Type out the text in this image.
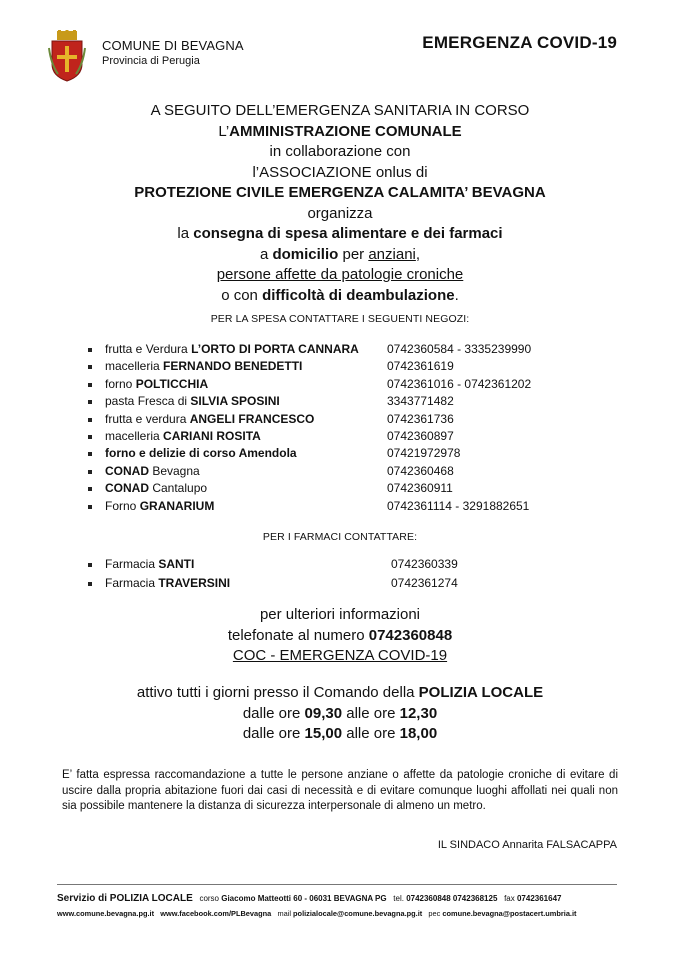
COMUNE DI BEVAGNA
Provincia di Perugia
EMERGENZA COVID-19
A SEGUITO DELL’EMERGENZA SANITARIA IN CORSO
L’AMMINISTRAZIONE COMUNALE
in collaborazione con
l’ASSOCIAZIONE onlus di
PROTEZIONE CIVILE EMERGENZA CALAMITA’ BEVAGNA
organizza
la consegna di spesa alimentare e dei farmaci
a domicilio per anziani,
persone affette da patologie croniche
o con difficoltà di deambulazione.
PER LA SPESA CONTATTARE I SEGUENTI NEGOZI:
frutta e Verdura L’ORTO DI PORTA CANNARA 0742360584 - 3335239990
macelleria FERNANDO BENEDETTI	0742361619
forno POLTICCHIA	0742361016 - 0742361202
pasta Fresca di SILVIA SPOSINI	3343771482
frutta e verdura ANGELI FRANCESCO	0742361736
macelleria CARIANI ROSITA	0742360897
forno e delizie di corso Amendola	07421972978
CONAD Bevagna	0742360468
CONAD Cantalupo	0742360911
Forno GRANARIUM	0742361114 - 3291882651
PER I FARMACI CONTATTARE:
Farmacia SANTI	0742360339
Farmacia TRAVERSINI	0742361274
per ulteriori informazioni
telefonate al numero 0742360848
COC - EMERGENZA COVID-19
attivo tutti i giorni presso il Comando della POLIZIA LOCALE
dalle ore 09,30 alle ore 12,30
dalle ore 15,00 alle ore 18,00
E’ fatta espressa raccomandazione a tutte le persone anziane o affette da patologie croniche di evitare di uscire dalla propria abitazione fuori dai casi di necessità e di evitare comunque luoghi affollati nei quali non sia possibile mantenere la distanza di sicurezza interpersonale di almeno un metro.
IL SINDACO Annarita FALSACAPPA
Servizio di POLIZIA LOCALE corso Giacomo Matteotti 60 - 06031 BEVAGNA PG tel. 0742360848 0742368125 fax 0742361647
www.comune.bevagna.pg.it www.facebook.com/PLBevagna mail polizialocale@comune.bevagna.pg.it pec comune.bevagna@postacert.umbria.it
